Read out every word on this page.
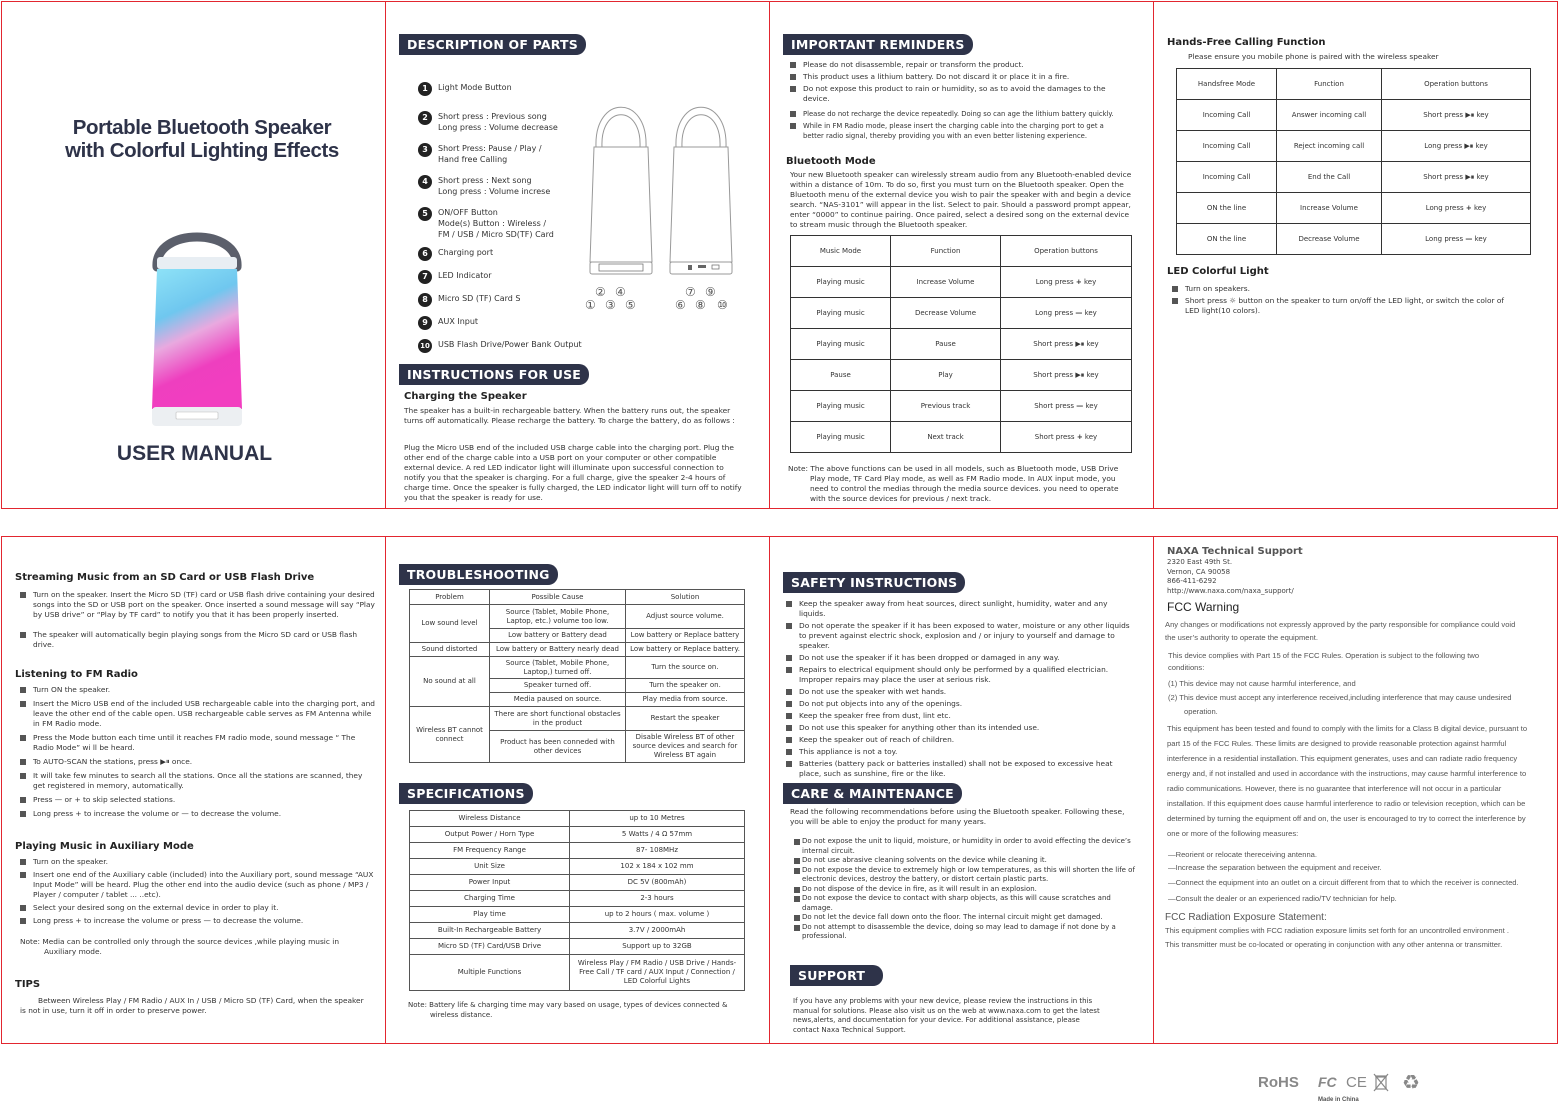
Portable Bluetooth Speaker
with Colorful Lighting Effects
USER MANUAL
DESCRIPTION OF PARTS
1	Light Mode Button
2	Short press : Previous song
Long press : Volume decrease
3	Short Press: Pause / Play /
Hand free Calling
4	Short press : Next song
Long press : Volume increse
5	ON/OFF Button
Mode(s) Button : Wireless /
FM / USB / Micro SD(TF) Card
6	Charging port
7	LED Indicator
8	Micro SD (TF) Card S
9	AUX Input
10 USB Flash Drive/Power Bank Output
② ④
① ③ ⑤
⑦ ⑨
⑥ ⑧ ⑩
INSTRUCTIONS FOR USE
Charging the Speaker
The speaker has a built-in rechargeable battery. When the battery runs out, the speaker turns off automatically. Please recharge the battery. To charge the battery, do as follows :
Plug the Micro USB end of the included USB charge cable into the charging port. Plug the other end of the charge cable into a USB port on your computer or other compatible external device. A red LED indicator light will illuminate upon successful connection to notify you that the speaker is charging. For a full charge, give the speaker 2-4 hours of charge time. Once the speaker is fully charged, the LED indicator light will turn off to notify you that the speaker is ready for use.
IMPORTANT REMINDERS
Please do not disassemble, repair or transform the product.
This product uses a lithium battery. Do not discard it or place it in a fire.
Do not expose this product to rain or humidity, so as to avoid the damages to the device.
Please do not recharge the device repeatedly. Doing so can age the lithium battery quickly.
While in FM Radio mode, please insert the charging cable into the charging port to get a better radio signal, thereby providing you with an even better listening experience.
Bluetooth Mode
Your new Bluetooth speaker can wirelessly stream audio from any Bluetooth-enabled device within a distance of 10m. To do so, first you must turn on the Bluetooth speaker. Open the Bluetooth menu of the external device you wish to pair the speaker with and begin a device search. “NAS-3101” will appear in the list. Select to pair. Should a password prompt appear, enter “0000” to continue pairing. Once paired, select a desired song on the external device to stream music through the Bluetooth speaker.
Music Mode	Function	Operation buttons
Playing music	Increase Volume	Long press + key
Playing music	Decrease Volume	Long press — key
Playing music	Pause	Short press ▶⏸ key
Pause	Play	Short press ▶⏸ key
Playing music	Previous track	Short press — key
Playing music	Next track	Short press + key
Note: The above functions can be used in all models, such as Bluetooth mode, USB Drive Play mode, TF Card Play mode, as well as FM Radio mode. In AUX input mode, you need to control the medias through the media source devices. you need to operate with the source devices for previous / next track.
Hands-Free Calling Function
Please ensure you mobile phone is paired with the wireless speaker
Handsfree Mode	Function	Operation buttons
Incoming Call	Answer incoming call	Short press ▶⏸ key
Incoming Call	Reject incoming call	Long press ▶⏸ key
Incoming Call	End the Call	Short press ▶⏸ key
ON the line	Increase Volume	Long press + key
ON the line	Decrease Volume	Long press — key
LED Colorful Light
Turn on speakers.
Short press ☼ button on the speaker to turn on/off the LED light, or switch the color of LED light(10 colors).
Streaming Music from an SD Card or USB Flash Drive
Turn on the speaker. Insert the Micro SD (TF) card or USB flash drive containing your desired songs into the SD or USB port on the speaker. Once inserted a sound message will say “Play by USB drive” or “Play by TF card” to notify you that it has been properly inserted.
The speaker will automatically begin playing songs from the Micro SD card or USB flash drive.
Listening to FM Radio
Turn ON the speaker.
Insert the Micro USB end of the included USB rechargeable cable into the charging port, and leave the other end of the cable open. USB rechargeable cable serves as FM Antenna while in FM Radio mode.
Press the Mode button each time until it reaches FM radio mode, sound message “ The Radio Mode” wi ll be heard.
To AUTO-SCAN the stations, press ▶⏸ once.
It will take few minutes to search all the stations. Once all the stations are scanned, they get registered in memory, automatically.
Press — or + to skip selected stations.
Long press + to increase the volume or — to decrease the volume.
Playing Music in Auxiliary Mode
Turn on the speaker.
Insert one end of the Auxiliary cable (included) into the Auxiliary port, sound message “AUX Input Mode” will be heard. Plug the other end into the audio device (such as phone / MP3 / Player / computer / tablet ... ..etc).
Select your desired song on the external device in order to play it.
Long press + to increase the volume or press — to decrease the volume.
Note: Media can be controlled only through the source devices ,while playing music in Auxiliary mode.
TIPS
Between Wireless Play / FM Radio / AUX In / USB / Micro SD (TF) Card, when the speaker is not in use, turn it off in order to preserve power.
TROUBLESHOOTING
Problem	Possible Cause	Solution
Low sound level	Source (Tablet, Mobile Phone, Laptop, etc.) volume too low.	Adjust source volume.
	Low battery or Battery dead	Low battery or Replace battery
Sound distorted	Low battery or Battery nearly dead	Low battery or Replace battery.
No sound at all	Source (Tablet, Mobile Phone, Laptop,) turned off.	Turn the source on.
	Speaker turned off.	Turn the speaker on.
	Media paused on source.	Play media from source.
Wireless BT cannot connect	There are short functional obstacles in the product	Restart the speaker
	Product has been conneded with other devices	Disable Wireless BT of other source devices and search for Wireless BT again
SPECIFICATIONS
Wireless Distance	up to 10 Metres
Output Power / Horn Type	5 Watts / 4 Ω 57mm
FM Frequency Range	87- 108MHz
Unit Size	102 x 184 x 102 mm
Power Input	DC 5V (800mAh)
Charging Time	2-3 hours
Play time	up to 2 hours ( max. volume )
Built-In Rechargeable Battery	3.7V / 2000mAh
Micro SD (TF) Card/USB Drive	Support up to 32GB
Multiple Functions	Wireless Play / FM Radio / USB Drive / Hands-Free Call / TF card / AUX Input / Connection / LED Colorful Lights
Note: Battery life & charging time may vary based on usage, types of devices connected & wireless distance.
SAFETY INSTRUCTIONS
Keep the speaker away from heat sources, direct sunlight, humidity, water and any liquids.
Do not operate the speaker if it has been exposed to water, moisture or any other liquids to prevent against electric shock, explosion and / or injury to yourself and damage to speaker.
Do not use the speaker if it has been dropped or damaged in any way.
Repairs to electrical equipment should only be performed by a qualified electrician. Improper repairs may place the user at serious risk.
Do not use the speaker with wet hands.
Do not put objects into any of the openings.
Keep the speaker free from dust, lint etc.
Do not use this speaker for anything other than its intended use.
Keep the speaker out of reach of children.
This appliance is not a toy.
Batteries (battery pack or batteries installed) shall not be exposed to excessive heat place, such as sunshine, fire or the like.
CARE & MAINTENANCE
Read the following recommendations before using the Bluetooth speaker. Following these, you will be able to enjoy the product for many years.
Do not expose the unit to liquid, moisture, or humidity in order to avoid effecting the device’s internal circuit.
Do not use abrasive cleaning solvents on the device while cleaning it.
Do not expose the device to extremely high or low temperatures, as this will shorten the life of electronic devices, destroy the battery, or distort certain plastic parts.
Do not dispose of the device in fire, as it will result in an explosion.
Do not expose the device to contact with sharp objects, as this will cause scratches and damage.
Do not let the device fall down onto the floor. The internal circuit might get damaged.
Do not attempt to disassemble the device, doing so may lead to damage if not done by a professional.
SUPPORT
If you have any problems with your new device, please review the instructions in this manual for solutions. Please also visit us on the web at www.naxa.com to get the latest news,alerts, and documentation for your device. For additional assistance, please contact Naxa Technical Support.
NAXA Technical Support
2320 East 49th St.
Vernon, CA 90058
866-411-6292
http://www.naxa.com/naxa_support/
FCC Warning
Any changes or modifications not expressly approved by the party responsible for compliance could void the user’s authority to operate the equipment.
This device complies with Part 15 of the FCC Rules. Operation is subject to the following two conditions:
(1) This device may not cause harmful interference, and
(2) This device must accept any interference received,including interference that may cause undesired operation.
This equipment has been tested and found to comply with the limits for a Class B digital device, pursuant to part 15 of the FCC Rules. These limits are designed to provide reasonable protection against harmful interference in a residential installation. This equipment generates, uses and can radiate radio frequency energy and, if not installed and used in accordance with the instructions, may cause harmful interference to radio communications. However, there is no guarantee that interference will not occur in a particular installation. If this equipment does cause harmful interference to radio or television reception, which can be determined by turning the equipment off and on, the user is encouraged to try to correct the interference by one or more of the following measures:
—Reorient or relocate thereceiving antenna.
—Increase the separation between the equipment and receiver.
—Connect the equipment into an outlet on a circuit different from that to which the receiver is connected.
—Consult the dealer or an experienced radio/TV technician for help.
FCC Radiation Exposure Statement:
This equipment complies with FCC radiation exposure limits set forth for an uncontrolled environment .
This transmitter must be co-located or operating in conjunction with any other antenna or transmitter.
RoHS FC CE ♻
Made in China
